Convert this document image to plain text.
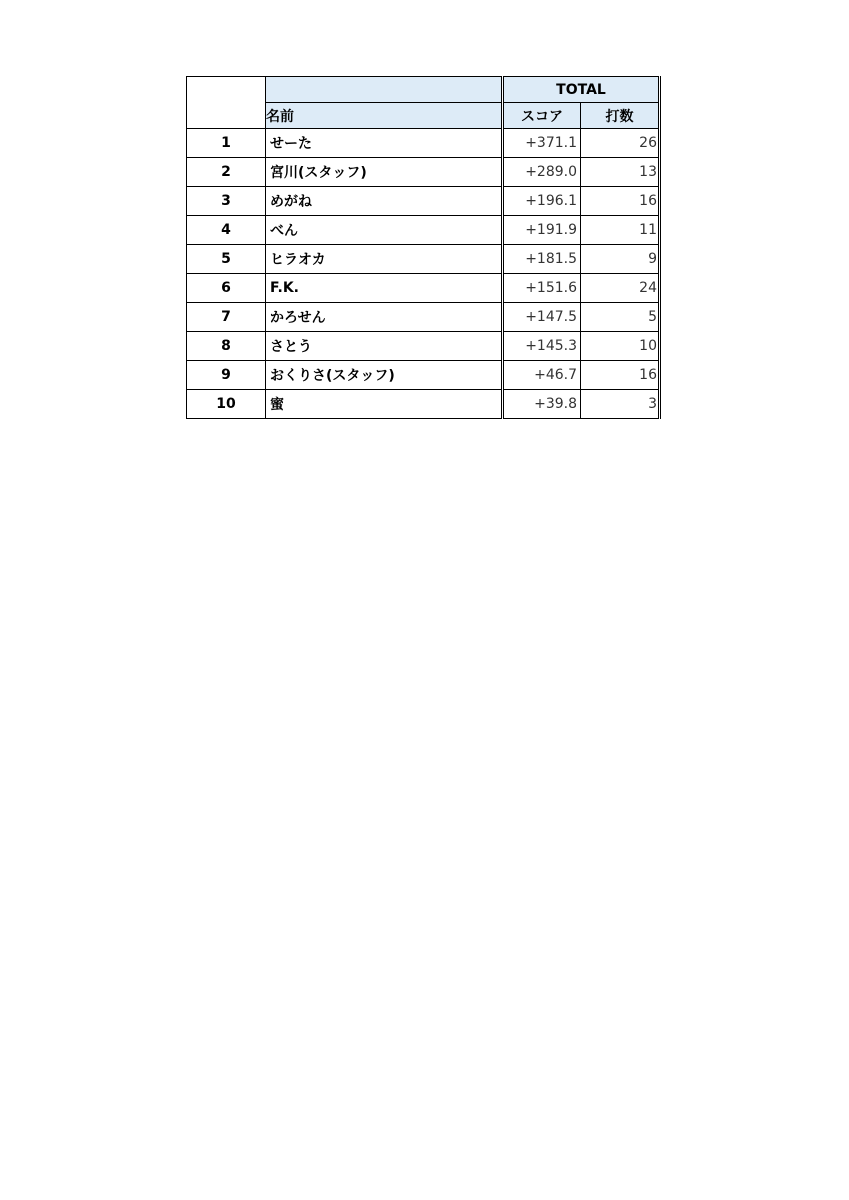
		TOTAL	
	名前	スコア	打数
1	せーた	+371.1	26
2	宮川(スタッフ)	+289.0	13
3	めがね	+196.1	16
4	べん	+191.9	11
5	ヒラオカ	+181.5	9
6	F.K.	+151.6	24
7	かろせん	+147.5	5
8	さとう	+145.3	10
9	おくりさ(スタッフ)	+46.7	16
10	蜜	+39.8	3
